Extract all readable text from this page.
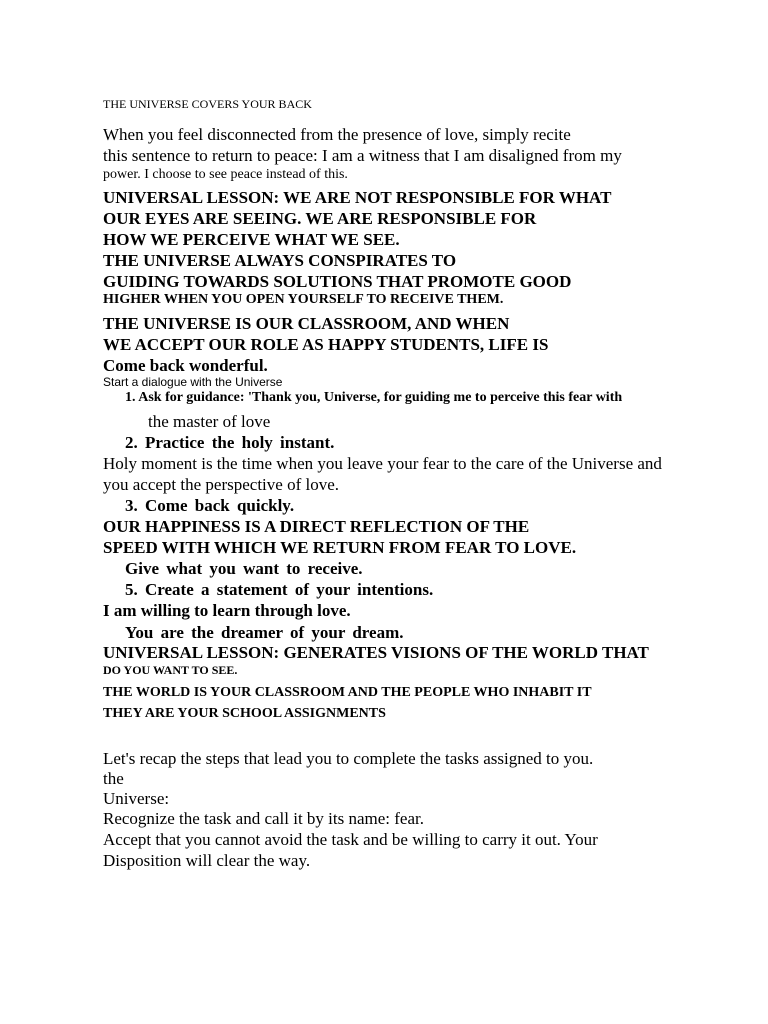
THE UNIVERSE COVERS YOUR BACK

When you feel disconnected from the presence of love, simply recite

this sentence to return to peace: I am a witness that I am disaligned from my

power. I choose to see peace instead of this.

UNIVERSAL LESSON: WE ARE NOT RESPONSIBLE FOR WHAT

OUR EYES ARE SEEING. WE ARE RESPONSIBLE FOR

HOW WE PERCEIVE WHAT WE SEE.

THE UNIVERSE ALWAYS CONSPIRATES TO

GUIDING TOWARDS SOLUTIONS THAT PROMOTE GOOD

HIGHER WHEN YOU OPEN YOURSELF TO RECEIVE THEM.

THE UNIVERSE IS OUR CLASSROOM, AND WHEN

WE ACCEPT OUR ROLE AS HAPPY STUDENTS, LIFE IS

Come back wonderful.

Start a dialogue with the Universe

1. Ask for guidance: 'Thank you, Universe, for guiding me to perceive this fear with

the master of love

2. Practice the holy instant.

Holy moment is the time when you leave your fear to the care of the Universe and

you accept the perspective of love.

3. Come back quickly.

OUR HAPPINESS IS A DIRECT REFLECTION OF THE

SPEED WITH WHICH WE RETURN FROM FEAR TO LOVE.

Give what you want to receive.

5. Create a statement of your intentions.

I am willing to learn through love.

You are the dreamer of your dream.

UNIVERSAL LESSON: GENERATES VISIONS OF THE WORLD THAT

DO YOU WANT TO SEE.

THE WORLD IS YOUR CLASSROOM AND THE PEOPLE WHO INHABIT IT

THEY ARE YOUR SCHOOL ASSIGNMENTS

Let's recap the steps that lead you to complete the tasks assigned to you.

the

Universe:

Recognize the task and call it by its name: fear.

Accept that you cannot avoid the task and be willing to carry it out. Your

Disposition will clear the way.
